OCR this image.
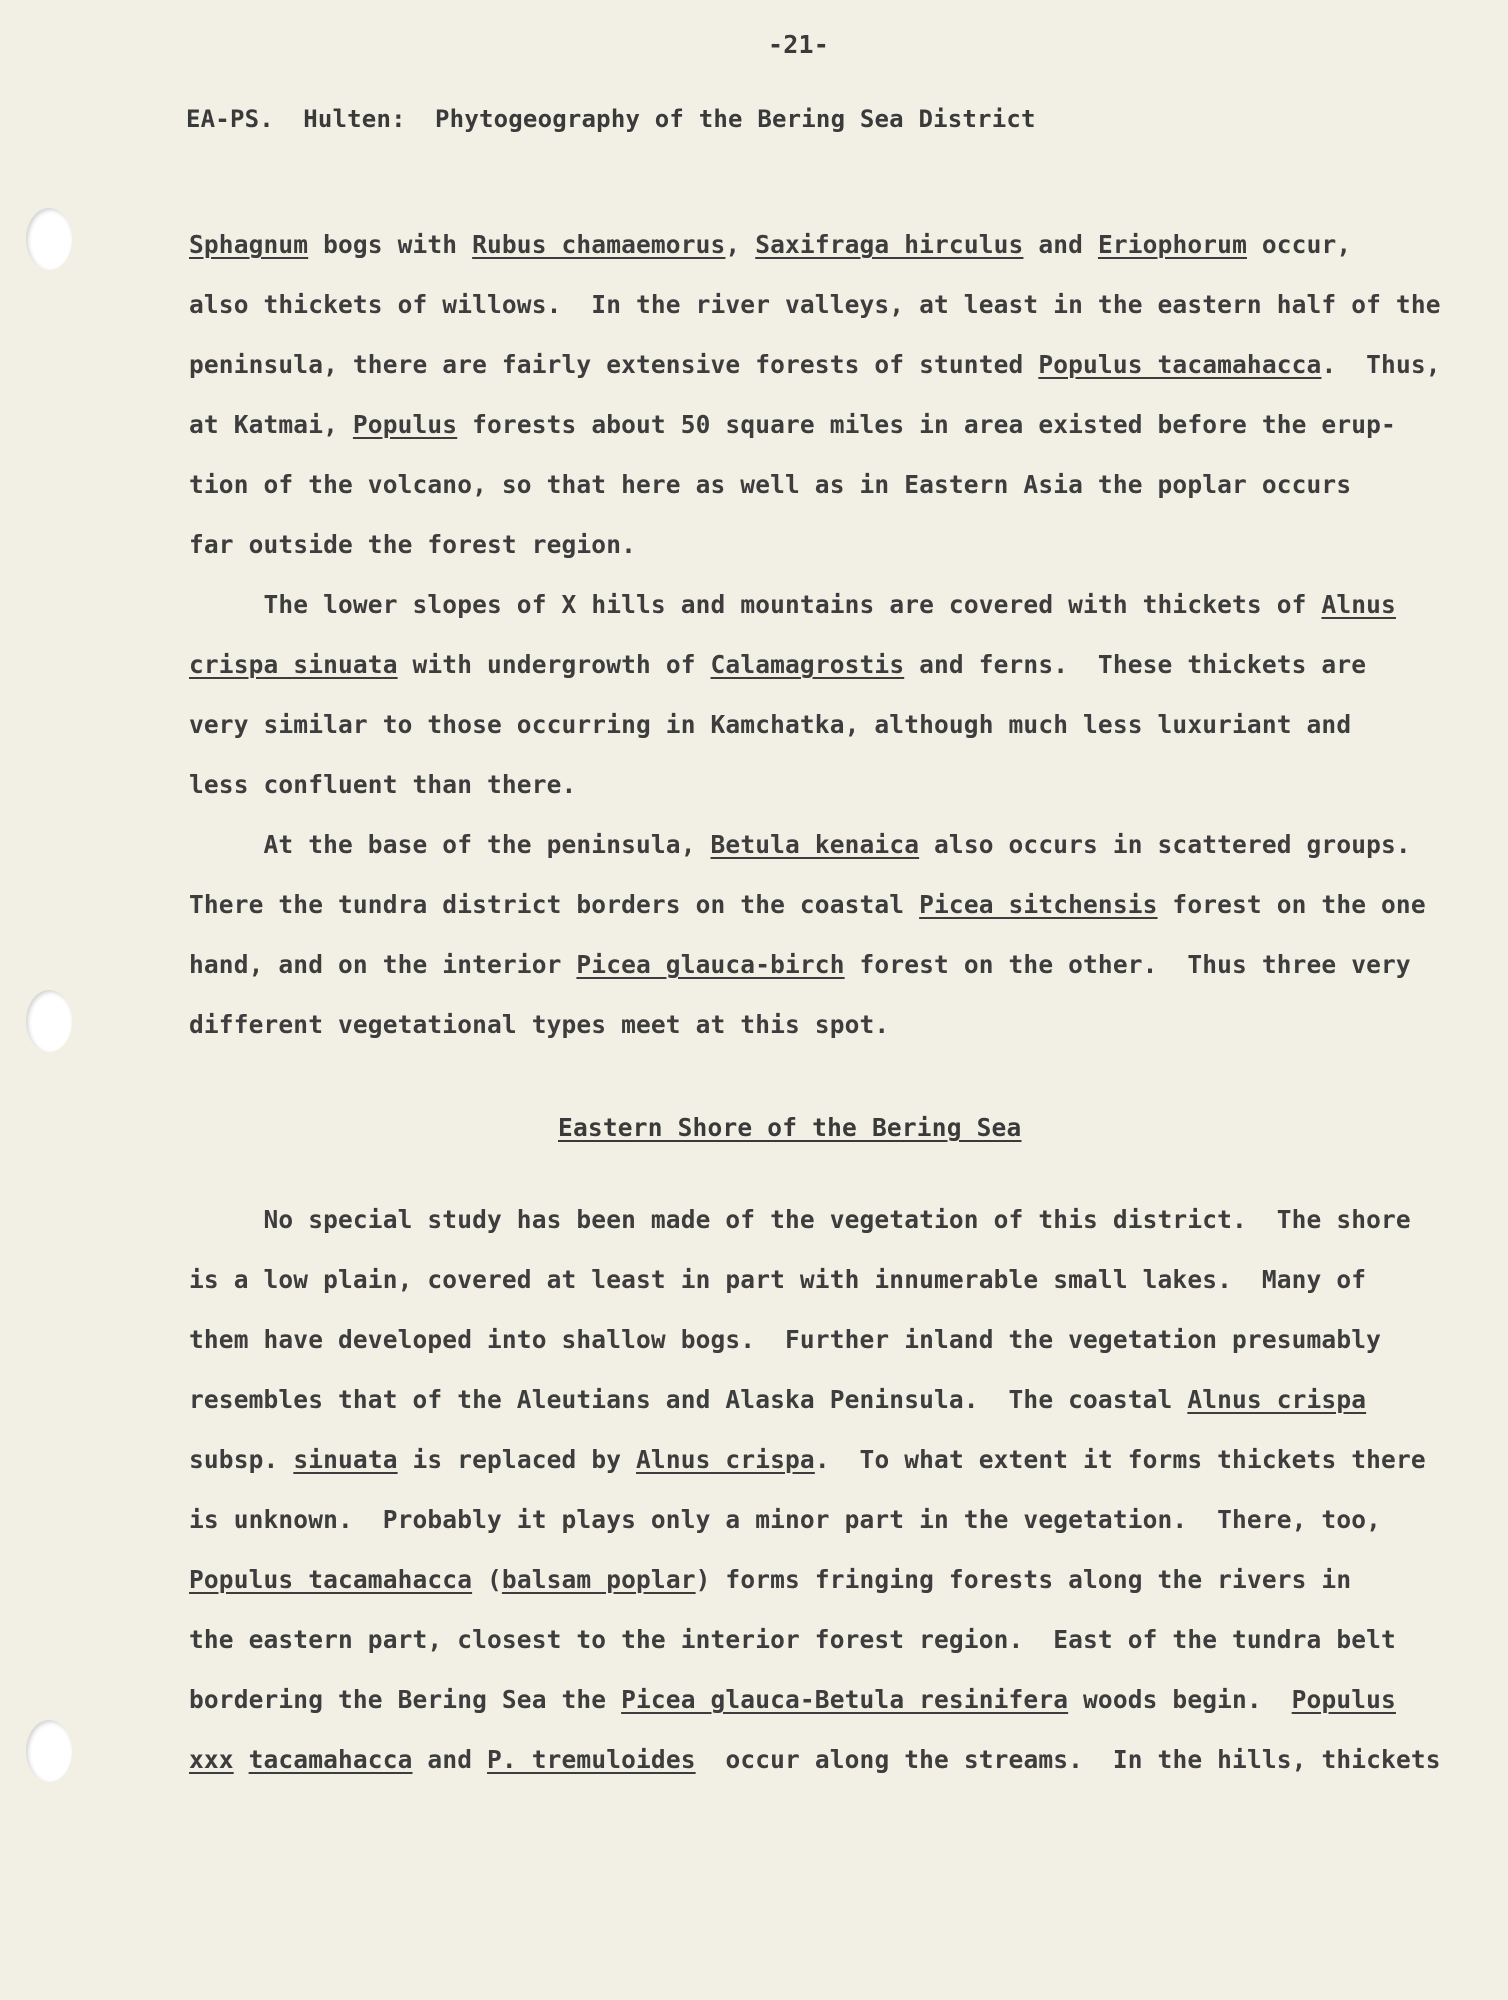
-21-
EA-PS.  Hulten:  Phytogeography of the Bering Sea District
Eastern Shore of the Bering Sea
Sphagnum bogs with Rubus chamaemorus, Saxifraga hirculus and Eriophorum occur,
also thickets of willows.  In the river valleys, at least in the eastern half of the
peninsula, there are fairly extensive forests of stunted Populus tacamahacca.  Thus,
at Katmai, Populus forests about 50 square miles in area existed before the erup-
tion of the volcano, so that here as well as in Eastern Asia the poplar occurs
far outside the forest region.
The lower slopes of X hills and mountains are covered with thickets of Alnus
crispa sinuata with undergrowth of Calamagrostis and ferns.  These thickets are
very similar to those occurring in Kamchatka, although much less luxuriant and
less confluent than there.
At the base of the peninsula, Betula kenaica also occurs in scattered groups.
There the tundra district borders on the coastal Picea sitchensis forest on the one
hand, and on the interior Picea glauca-birch forest on the other.  Thus three very
different vegetational types meet at this spot.
No special study has been made of the vegetation of this district.  The shore
is a low plain, covered at least in part with innumerable small lakes.  Many of
them have developed into shallow bogs.  Further inland the vegetation presumably
resembles that of the Aleutians and Alaska Peninsula.  The coastal Alnus crispa
subsp. sinuata is replaced by Alnus crispa.  To what extent it forms thickets there
is unknown.  Probably it plays only a minor part in the vegetation.  There, too,
Populus tacamahacca (balsam poplar) forms fringing forests along the rivers in
the eastern part, closest to the interior forest region.  East of the tundra belt
bordering the Bering Sea the Picea glauca-Betula resinifera woods begin.  Populus
xxx tacamahacca and P. tremuloides  occur along the streams.  In the hills, thickets
